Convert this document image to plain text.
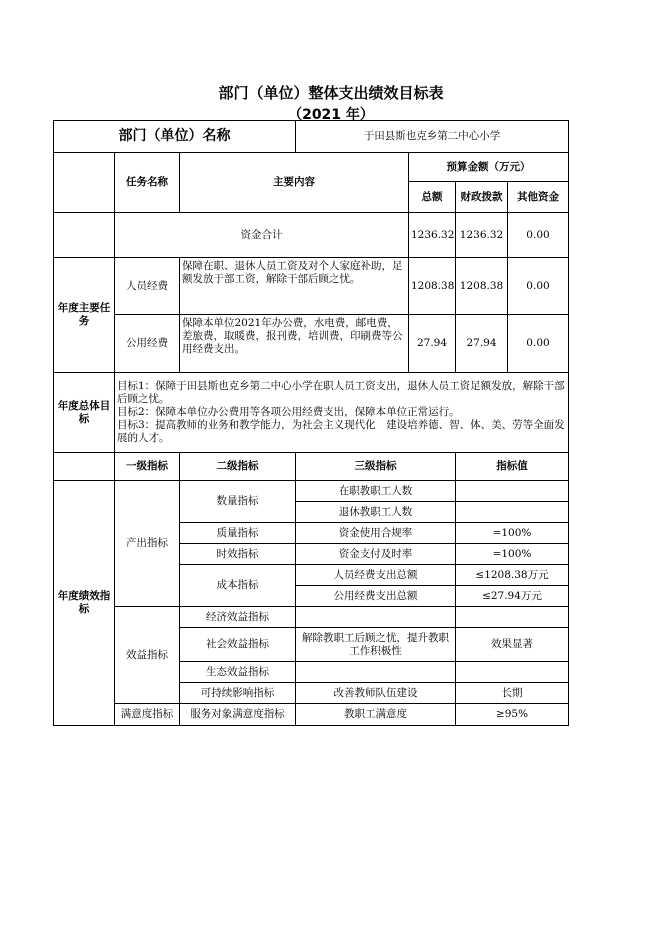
部门（单位）整体支出绩效目标表
（2021 年）
部门（单位）名称			于田县斯也克乡第二中心小学			
	任务名称	主要内容		预算金额（万元）		
				总额	财政拨款	其他资金
	资金合计			1236.32	1236.32	0.00
年度主要任务	人员经费	保障在职、退休人员工资及对个人家庭补助，足额发放于部工资，解除干部后顾之忧。		1208.38	1208.38	0.00
	公用经费	保障本单位2021年办公费，水电费，邮电费，差旅费，取暖费，报刊费，培训费，印刷费等公用经费支出。		27.94	27.94	0.00
年度总体目标	目标1：保障于田县斯也克乡第二中心小学在职人员工资支出，退休人员工资足额发放，解除干部后顾之忧。
目标2：保障本单位办公费用等各项公用经费支出，保障本单位正常运行。
目标3：提高教师的业务和教学能力，为社会主义现代化　建设培养德、智、体、美、劳等全面发展的人才。					

	一级指标	二级指标	三级指标		指标值	
年度绩效指标	产出指标	数量指标	在职教职工人数			
			退休教职工人数			
		质量指标	资金使用合规率		=100%	
		时效指标	资金支付及时率		=100%	
		成本指标	人员经费支出总额		≤1208.38万元	
			公用经费支出总额		≤27.94万元	
	效益指标	经济效益指标				
		社会效益指标	解除教职工后顾之忧，提升教职工作积极性		效果显著	

		生态效益指标				
		可持续影响指标	改善教师队伍建设		长期	
	满意度指标	服务对象满意度指标	教职工满意度		≥95%	
